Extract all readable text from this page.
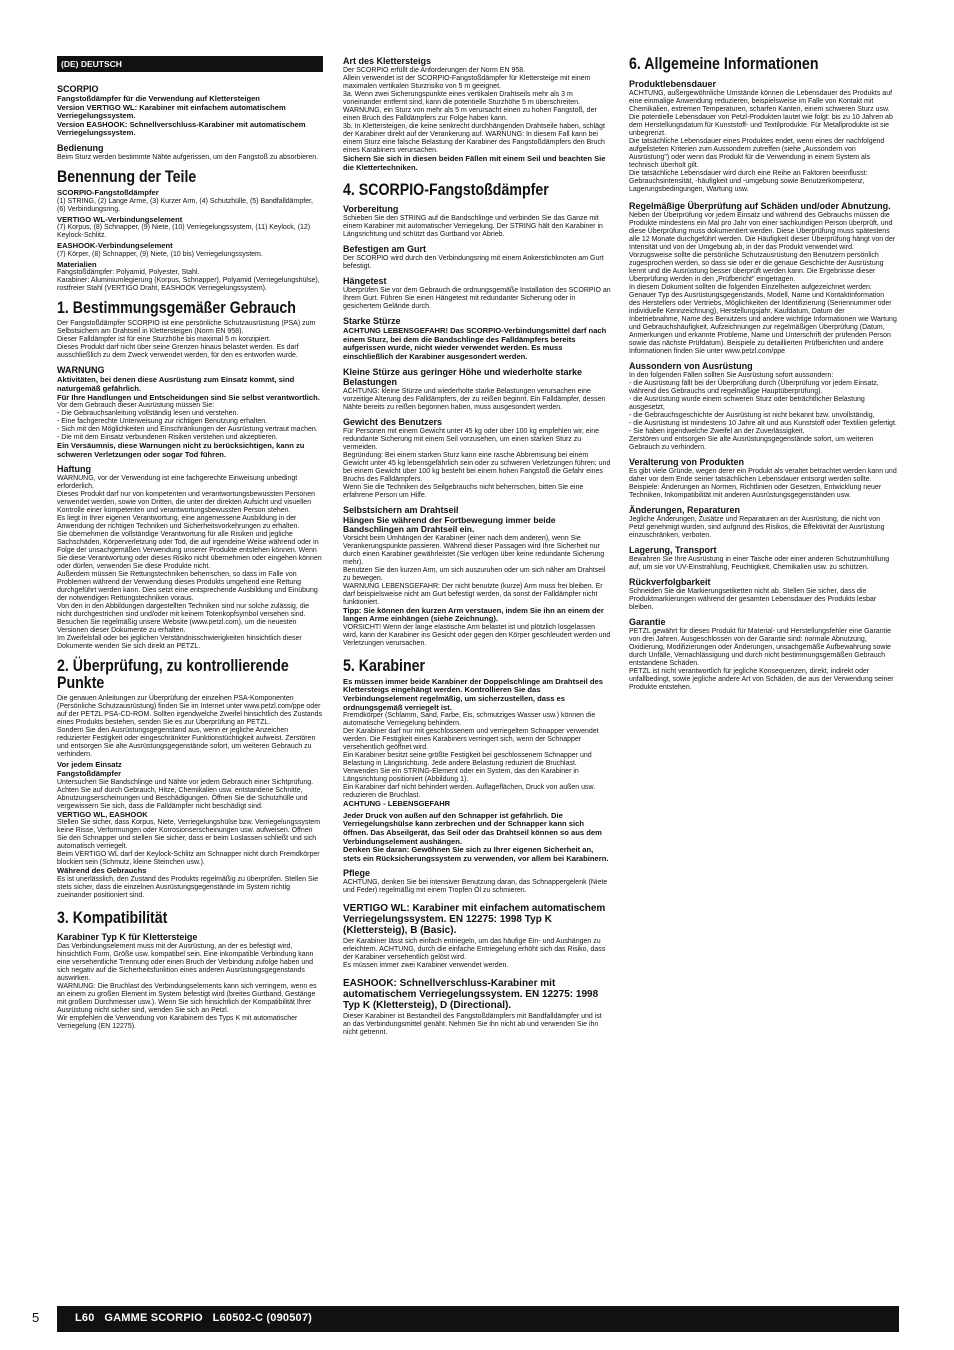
(DE) DEUTSCH
SCORPIO

Fangstoßdämpfer für die Verwendung auf Klettersteigen
Version VERTIGO WL: Karabiner mit einfachem automatischem Verriegelungssystem.
Version EASHOOK: Schnellverschluss-Karabiner mit automatischem Verriegelungssystem.

Bedienung

Beim Sturz werden bestimmte Nähte aufgerissen, um den Fangstoß zu absorbieren.

Benennung der Teile

SCORPIO-Fangstoßdämpfer

(1) STRING, (2) Lange Arme, (3) Kurzer Arm, (4) Schutzhülle, (5) Bandfalldämpfer, (6) Verbindungsring.

VERTIGO WL-Verbindungselement

(7) Korpus, (8) Schnapper, (9) Niete, (10) Verriegelungssystem, (11) Keylock, (12) Keylock-Schlitz.

EASHOOK-Verbindungselement

(7) Körper, (8) Schnapper, (9) Niete, (10 bis) Verriegelungssystem.

Materialien

Fangstoßdämpfer: Polyamid, Polyester, Stahl.
Karabiner: Aluminiumlegierung (Korpus, Schnapper), Polyamid (Verriegelungshülse), rostfreier Stahl (VERTIGO Draht, EASHOOK Verriegelungssystem).

1. Bestimmungsgemäßer Gebrauch

Der Fangstoßdämpfer SCORPIO ist eine persönliche Schutzausrüstung (PSA) zum Selbstsichern am Drahtseil in Klettersteigen (Norm EN 958).
Dieser Falldämpfer ist für eine Sturzhöhe bis maximal 5 m konzipiert.
Dieses Produkt darf nicht über seine Grenzen hinaus belastet werden. Es darf ausschließlich zu dem Zweck verwendet werden, für den es entworfen wurde.

WARNUNG

Aktivitäten, bei denen diese Ausrüstung zum Einsatz kommt, sind naturgemäß gefährlich.
Für Ihre Handlungen und Entscheidungen sind Sie selbst verantwortlich.

Vor dem Gebrauch dieser Ausrüstung müssen Sie:
- Die Gebrauchsanleitung vollständig lesen und verstehen.
- Eine fachgerechte Unterweisung zur richtigen Benutzung erhalten.
- Sich mit den Möglichkeiten und Einschränkungen der Ausrüstung vertraut machen.
- Die mit dem Einsatz verbundenen Risiken verstehen und akzeptieren.

Ein Versäumnis, diese Warnungen nicht zu berücksichtigen, kann zu schweren Verletzungen oder sogar Tod führen.

Haftung

WARNUNG, vor der Verwendung ist eine fachgerechte Einweisung unbedingt erforderlich.
Dieses Produkt darf nur von kompetenten und verantwortungsbewussten Personen verwendet werden, sowie von Dritten, die unter der direkten Aufsicht und visuellen Kontrolle einer kompetenten und verantwortungsbewussten Person stehen.
Es liegt in Ihrer eigenen Verantwortung, eine angemessene Ausbildung in der Anwendung der richtigen Techniken und Sicherheitsvorkehrungen zu erhalten.
Sie übernehmen die vollständige Verantwortung für alle Risiken und jegliche Sachschäden, Körperverletzung oder Tod, die auf irgendeine Weise während oder in Folge der unsachgemäßen Verwendung unserer Produkte entstehen können. Wenn Sie diese Verantwortung oder dieses Risiko nicht übernehmen oder eingehen können oder dürfen, verwenden Sie diese Produkte nicht.
Außerdem müssen Sie Rettungstechniken beherrschen, so dass im Falle von Problemen während der Verwendung dieses Produkts umgehend eine Rettung durchgeführt werden kann. Dies setzt eine entsprechende Ausbildung und Einübung der notwendigen Rettungstechniken voraus.
Von den in den Abbildungen dargestellten Techniken sind nur solche zulässig, die nicht durchgestrichen sind und/oder mit keinem Totenkopfsymbol versehen sind. Besuchen Sie regelmäßig unsere Website (www.petzl.com), um die neuesten Versionen dieser Dokumente zu erhalten.
Im Zweifelsfall oder bei jeglichen Verständnisschwierigkeiten hinsichtlich dieser Dokumente wenden Sie sich direkt an PETZL.

2. Überprüfung, zu kontrollierende Punkte

Die genauen Anleitungen zur Überprüfung der einzelnen PSA-Komponenten (Persönliche Schutzausrüstung) finden Sie im Internet unter www.petzl.com/ppe oder auf der PETZL PSA-CD-ROM. Sollten irgendwelche Zweifel hinsichtlich des Zustands eines Produkts bestehen, senden Sie es zur Überprüfung an PETZL.
Sondern Sie den Ausrüstungsgegenstand aus, wenn er jegliche Anzeichen reduzierter Festigkeit oder eingeschränkter Funktionstüchtigkeit aufweist. Zerstören und entsorgen Sie alte Ausrüstungsgegenstände sofort, um weiteren Gebrauch zu verhindern.

Vor jedem Einsatz

Fangstoßdämpfer

Untersuchen Sie Bandschlinge und Nähte vor jedem Gebrauch einer Sichtprüfung. Achten Sie auf durch Gebrauch, Hitze, Chemikalien usw. entstandene Schnitte, Abnutzungserscheinungen und Beschädigungen. Öffnen Sie die Schutzhülle und vergewissern Sie sich, dass die Falldämpfer nicht beschädigt sind.

VERTIGO WL, EASHOOK

Stellen Sie sicher, dass Korpus, Niete, Verriegelungshülse bzw. Verriegelungssystem keine Risse, Verformungen oder Korrosionserscheinungen usw. aufweisen. Öffnen Sie den Schnapper und stellen Sie sicher, dass er beim Loslassen schließt und sich automatisch verriegelt.
Beim VERTIGO WL darf der Keylock-Schlitz am Schnapper nicht durch Fremdkörper blockiert sein (Schmutz, kleine Steinchen usw.).

Während des Gebrauchs

Es ist unerlässlich, den Zustand des Produkts regelmäßig zu überprüfen. Stellen Sie stets sicher, dass die einzelnen Ausrüstungsgegenstände im System richtig zueinander positioniert sind.

3. Kompatibilität
Karabiner Typ K für Klettersteige

Das Verbindungselement muss mit der Ausrüstung, an der es befestigt wird, hinsichtlich Form, Größe usw. kompatibel sein. Eine inkompatible Verbindung kann eine versehentliche Trennung oder einen Bruch der Verbindung zufolge haben und sich negativ auf die Sicherheitsfunktion eines anderen Ausrüstungsgegenstands auswirken.
WARNUNG: Die Bruchlast des Verbindungselements kann sich verringern, wenn es an einem zu großen Element im System befestigt wird (breites Gurtband, Gestänge mit großem Durchmesser usw.). Wenn Sie sich hinsichtlich der Kompatibilität Ihrer Ausrüstung nicht sicher sind, wenden Sie sich an Petzl.
Wir empfehlen die Verwendung von Karabinern des Typs K mit automatischer Verriegelung (EN 12275).

Art des Klettersteigs

Der SCORPIO erfüllt die Anforderungen der Norm EN 958.
Allein verwendet ist der SCORPIO-Fangstoßdämpfer für Klettersteige mit einem maximalen vertikalen Sturzrisiko von 5 m geeignet.
3a. Wenn zwei Sicherungspunkte eines vertikalen Drahtseils mehr als 3 m voneinander entfernt sind, kann die potentielle Sturzhöhe 5 m überschreiten. WARNUNG, ein Sturz von mehr als 5 m verursacht einen zu hohen Fangstoß, der einen Bruch des Falldämpfers zur Folge haben kann.
3b. In Klettersteigen, die keine senkrecht durchhängenden Drahtseile haben, schlägt der Karabiner direkt auf der Verankerung auf. WARNUNG: In diesem Fall kann bei einem Sturz eine falsche Belastung der Karabiner des Fangstoßdämpfers den Bruch eines Karabiners verursachen.

Sichern Sie sich in diesen beiden Fällen mit einem Seil und beachten Sie die Klettertechniken.

4. SCORPIO-Fangstoßdämpfer
Vorbereitung

Schieben Sie den STRING auf die Bandschlinge und verbinden Sie das Ganze mit einem Karabiner mit automatischer Verriegelung. Der STRING hält den Karabiner in Längsrichtung und schützt das Gurtband vor Abrieb.

Befestigen am Gurt

Der SCORPIO wird durch den Verbindungsring mit einem Ankerstichknoten am Gurt befestigt.

Hängetest

Überprüfen Sie vor dem Gebrauch die ordnungsgemäße Installation des SCORPIO an Ihrem Gurt. Führen Sie einen Hängetest mit redundanter Sicherung oder in gesichertem Gelände durch.

Starke Stürze

ACHTUNG LEBENSGEFAHR! Das SCORPIO-Verbindungsmittel darf nach einem Sturz, bei dem die Bandschlinge des Falldämpfers bereits aufgerissen wurde, nicht wieder verwendet werden. Es muss einschließlich der Karabiner ausgesondert werden.

Kleine Stürze aus geringer Höhe und wiederholte starke Belastungen

ACHTUNG: kleine Stürze und wiederholte starke Belastungen verursachen eine vorzeitige Alterung des Falldämpfers, der zu reißen beginnt. Ein Falldämpfer, dessen Nähte bereits zu reißen begonnen haben, muss ausgesondert werden.

Gewicht des Benutzers

Für Personen mit einem Gewicht unter 45 kg oder über 100 kg empfehlen wir, eine redundante Sicherung mit einem Seil vorzusehen, um einen starken Sturz zu vermeiden.
Begründung: Bei einem starken Sturz kann eine rasche Abbremsung bei einem Gewicht unter 45 kg lebensgefährlich sein oder zu schweren Verletzungen führen; und bei einem Gewicht über 100 kg besteht bei einem hohen Fangstoß die Gefahr eines Bruchs des Falldämpfers.
Wenn Sie die Techniken des Seilgebrauchs nicht beherrschen, bitten Sie eine erfahrene Person um Hilfe.

Selbstsichern am Drahtseil

Hängen Sie während der Fortbewegung immer beide Bandschlingen am Drahtseil ein.

Vorsicht beim Umhängen der Karabiner (einer nach dem anderen), wenn Sie Verankerungspunkte passieren. Während dieser Passagen wird Ihre Sicherheit nur durch einen Karabiner gewährleistet (Sie verfügen über keine redundante Sicherung mehr).
Benutzen Sie den kurzen Arm, um sich auszuruhen oder um sich näher am Drahtseil zu bewegen.
WARNUNG LEBENSGEFAHR: Der nicht benutzte (kurze) Arm muss frei bleiben. Er darf beispielsweise nicht am Gurt befestigt werden, da sonst der Falldämpfer nicht funktioniert.

Tipp: Sie können den kurzen Arm verstauen, indem Sie ihn an einem der langen Arme einhängen (siehe Zeichnung).

VORSICHT! Wenn der lange elastische Arm belastet ist und plötzlich losgelassen wird, kann der Karabiner ins Gesicht oder gegen den Körper geschleudert werden und Verletzungen verursachen.

5. Karabiner

Es müssen immer beide Karabiner der Doppelschlinge am Drahtseil des Klettersteigs eingehängt werden. Kontrollieren Sie das Verbindungselement regelmäßig, um sicherzustellen, dass es ordnungsgemäß verriegelt ist.

Fremdkörper (Schlamm, Sand, Farbe, Eis, schmutziges Wasser usw.) können die automatische Verriegelung behindern.
Der Karabiner darf nur mit geschlossenem und verriegeltem Schnapper verwendet werden. Die Festigkeit eines Karabiners verringert sich, wenn der Schnapper versehentlich geöffnet wird.
Ein Karabiner besitzt seine größte Festigkeit bei geschlossenem Schnapper und Belastung in Längsrichtung. Jede andere Belastung reduziert die Bruchlast. Verwenden Sie ein STRING-Element oder ein System, das den Karabiner in Längsrichtung positioniert (Abbildung 1).
Ein Karabiner darf nicht behindert werden. Auflageflächen, Druck von außen usw. reduzieren die Bruchlast.

ACHTUNG - LEBENSGEFAHR

Jeder Druck von außen auf den Schnapper ist gefährlich. Die Verriegelungshülse kann zerbrechen und der Schnapper kann sich öffnen. Das Abseilgerät, das Seil oder das Drahtseil können so aus dem Verbindungselement aushängen.
Denken Sie daran: Gewöhnen Sie sich zu Ihrer eigenen Sicherheit an, stets ein Rücksicherungssystem zu verwenden, vor allem bei Karabinern.

Pflege

ACHTUNG, denken Sie bei intensiver Benutzung daran, das Schnappergelenk (Niete und Feder) regelmäßig mit einem Tropfen Öl zu schmieren.

VERTIGO WL: Karabiner mit einfachem automatischem Verriegelungssystem. EN 12275: 1998 Typ K (Klettersteig), B (Basic).

Der Karabiner lässt sich einfach entriegeln, um das häufige Ein- und Aushängen zu erleichtern. ACHTUNG, durch die einfache Entriegelung erhöht sich das Risiko, dass der Karabiner versehentlich gelöst wird.
Es müssen immer zwei Karabiner verwendet werden.

EASHOOK: Schnellverschluss-Karabiner mit automatischem Verriegelungssystem. EN 12275: 1998 Typ K (Klettersteig), D (Directional).

Dieser Karabiner ist Bestandteil des Fangstoßdämpfers mit Bandfalldämpfer und ist an das Verbindungsmittel genäht. Nehmen Sie ihn nicht ab und verwenden Sie ihn nicht getrennt.

6. Allgemeine Informationen
Produktlebensdauer

ACHTUNG, außergewöhnliche Umstände können die Lebensdauer des Produkts auf eine einmalige Anwendung reduzieren, beispielsweise im Falle von Kontakt mit Chemikalien, extremen Temperaturen, scharfen Kanten, einem schweren Sturz usw.
Die potentielle Lebensdauer von Petzl-Produkten lautet wie folgt: bis zu 10 Jahren ab dem Herstellungsdatum für Kunststoff- und Textilprodukte. Für Metallprodukte ist sie unbegrenzt.
Die tatsächliche Lebensdauer eines Produktes endet, wenn eines der nachfolgend aufgelisteten Kriterien zum Aussondern zutreffen (siehe „Aussondern von Ausrüstung") oder wenn das Produkt für die Verwendung in einem System als technisch überholt gilt.
Die tatsächliche Lebensdauer wird durch eine Reihe an Faktoren beeinflusst: Gebrauchsintensität, -häufigkeit und -umgebung sowie Benutzerkompetenz, Lagerungsbedingungen, Wartung usw.

Regelmäßige Überprüfung auf Schäden und/oder Abnutzung.

Neben der Überprüfung vor jedem Einsatz und während des Gebrauchs müssen die Produkte mindestens ein Mal pro Jahr von einer sachkundigen Person überprüft, und diese Überprüfung muss dokumentiert werden. Diese Überprüfung muss spätestens alle 12 Monate durchgeführt werden. Die Häufigkeit dieser Überprüfung hängt von der Intensität und von der Umgebung ab, in der das Produkt verwendet wird. Vorzugsweise sollte die persönliche Schutzausrüstung den Benutzern persönlich zugesprochen werden, so dass sie oder er die genaue Geschichte der Ausrüstung kennt und die Ausrüstung besser überprüft werden kann. Die Ergebnisse dieser Überprüfung werden in den „Prüfbericht" eingetragen.
In diesem Dokument sollten die folgenden Einzelheiten aufgezeichnet werden: Genauer Typ des Ausrüstungsgegenstands, Modell, Name und Kontaktinformation des Herstellers oder Vertriebs, Möglichkeiten der Identifizierung (Seriennummer oder individuelle Kennzeichnung), Herstellungsjahr, Kaufdatum, Datum der Inbetriebnahme, Name des Benutzers und andere wichtige Informationen wie Wartung und Gebrauchshäufigkeit, Aufzeichnungen zur regelmäßigen Überprüfung (Datum, Anmerkungen und erkannte Probleme, Name und Unterschrift der prüfenden Person sowie das nächste Prüfdatum). Beispiele zu detaillierten Prüfberichten und andere Informationen finden Sie unter www.petzl.com/ppe

Aussondern von Ausrüstung

In den folgenden Fällen sollten Sie Ausrüstung sofort aussondern:
- die Ausrüstung fällt bei der Überprüfung durch (Überprüfung vor jedem Einsatz, während des Gebrauchs und regelmäßige Hauptüberprüfung).
- die Ausrüstung wurde einem schweren Sturz oder beträchtlicher Belastung ausgesetzt,
- die Gebrauchsgeschichte der Ausrüstung ist nicht bekannt bzw. unvollständig,
- die Ausrüstung ist mindestens 10 Jahre alt und aus Kunststoff oder Textilien gefertigt.
- Sie haben irgendwelche Zweifel an der Zuverlässigkeit.
Zerstören und entsorgen Sie alte Ausrüstungsgegenstände sofort, um weiteren Gebrauch zu verhindern.

Veralterung von Produkten

Es gibt viele Gründe, wegen derer ein Produkt als veraltet betrachtet werden kann und daher vor dem Ende seiner tatsächlichen Lebensdauer entsorgt werden sollte. Beispiele: Änderungen an Normen, Richtlinien oder Gesetzen, Entwicklung neuer Techniken, Inkompatibilität mit anderen Ausrüstungsgegenständen usw.

Änderungen, Reparaturen

Jegliche Änderungen, Zusätze und Reparaturen an der Ausrüstung, die nicht von Petzl genehmigt wurden, sind aufgrund des Risikos, die Effektivität der Ausrüstung einzuschränken, verboten.

Lagerung, Transport

Bewahren Sie Ihre Ausrüstung in einer Tasche oder einer anderen Schutzumhüllung auf, um sie vor UV-Einstrahlung, Feuchtigkeit, Chemikalien usw. zu schützen.

Rückverfolgbarkeit

Schneiden Sie die Markierungsetiketten nicht ab. Stellen Sie sicher, dass die Produktmarkierungen während der gesamten Lebensdauer des Produkts lesbar bleiben.

Garantie

PETZL gewährt für dieses Produkt für Material- und Herstellungsfehler eine Garantie von drei Jahren. Ausgeschlossen von der Garantie sind: normale Abnutzung, Oxidierung, Modifizierungen oder Änderungen, unsachgemäße Aufbewahrung sowie durch Unfälle, Vernachlässigung und durch nicht bestimmungsgemäßen Gebrauch entstandene Schäden.
PETZL ist nicht verantwortlich für jegliche Konsequenzen, direkt, indirekt oder unfallbedingt, sowie jegliche andere Art von Schäden, die aus der Verwendung seiner Produkte entstehen.

5	L60   GAMME SCORPIO   L60502-C (090507)
